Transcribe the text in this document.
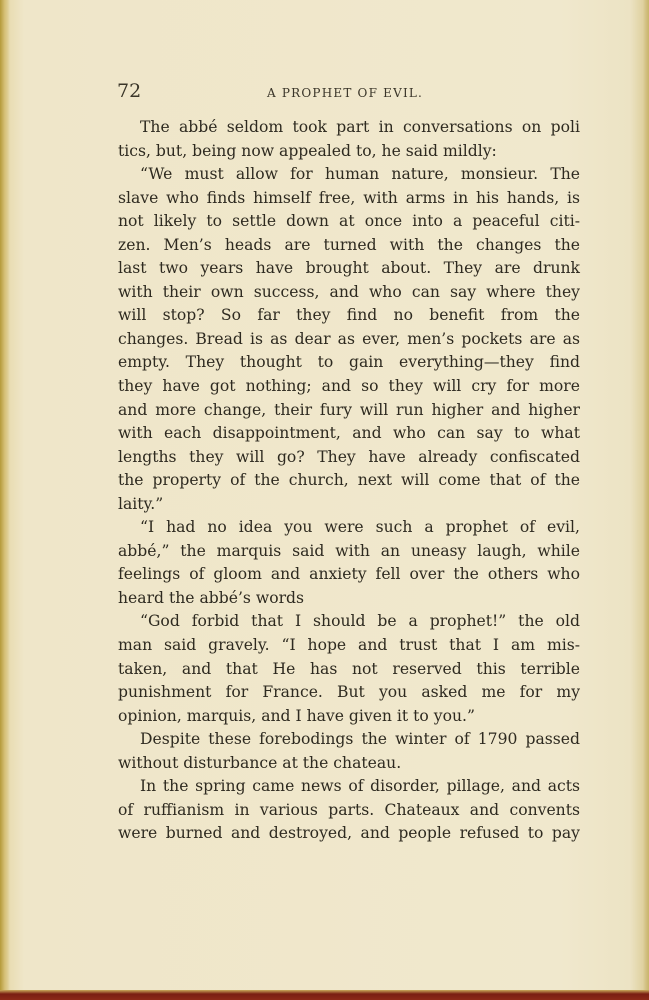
72	A PROPHET OF EVIL.
The abbé seldom took part in conversations on poli
tics, but, being now appealed to, he said mildly:
“We must allow for human nature, monsieur. The
slave who finds himself free, with arms in his hands, is
not likely to settle down at once into a peaceful citi-
zen. Men’s heads are turned with the changes the
last two years have brought about. They are drunk
with their own success, and who can say where they
will stop? So far they find no benefit from the
changes. Bread is as dear as ever, men’s pockets are as
empty. They thought to gain everything—they find
they have got nothing; and so they will cry for more
and more change, their fury will run higher and higher
with each disappointment, and who can say to what
lengths they will go? They have already confiscated
the property of the church, next will come that of the
laity.”
“I had no idea you were such a prophet of evil,
abbé,” the marquis said with an uneasy laugh, while
feelings of gloom and anxiety fell over the others who
heard the abbé’s words
“God forbid that I should be a prophet!” the old
man said gravely. “I hope and trust that I am mis-
taken, and that He has not reserved this terrible
punishment for France. But you asked me for my
opinion, marquis, and I have given it to you.”
Despite these forebodings the winter of 1790 passed
without disturbance at the chateau.
In the spring came news of disorder, pillage, and acts
of ruffianism in various parts. Chateaux and convents
were burned and destroyed, and people refused to pay
